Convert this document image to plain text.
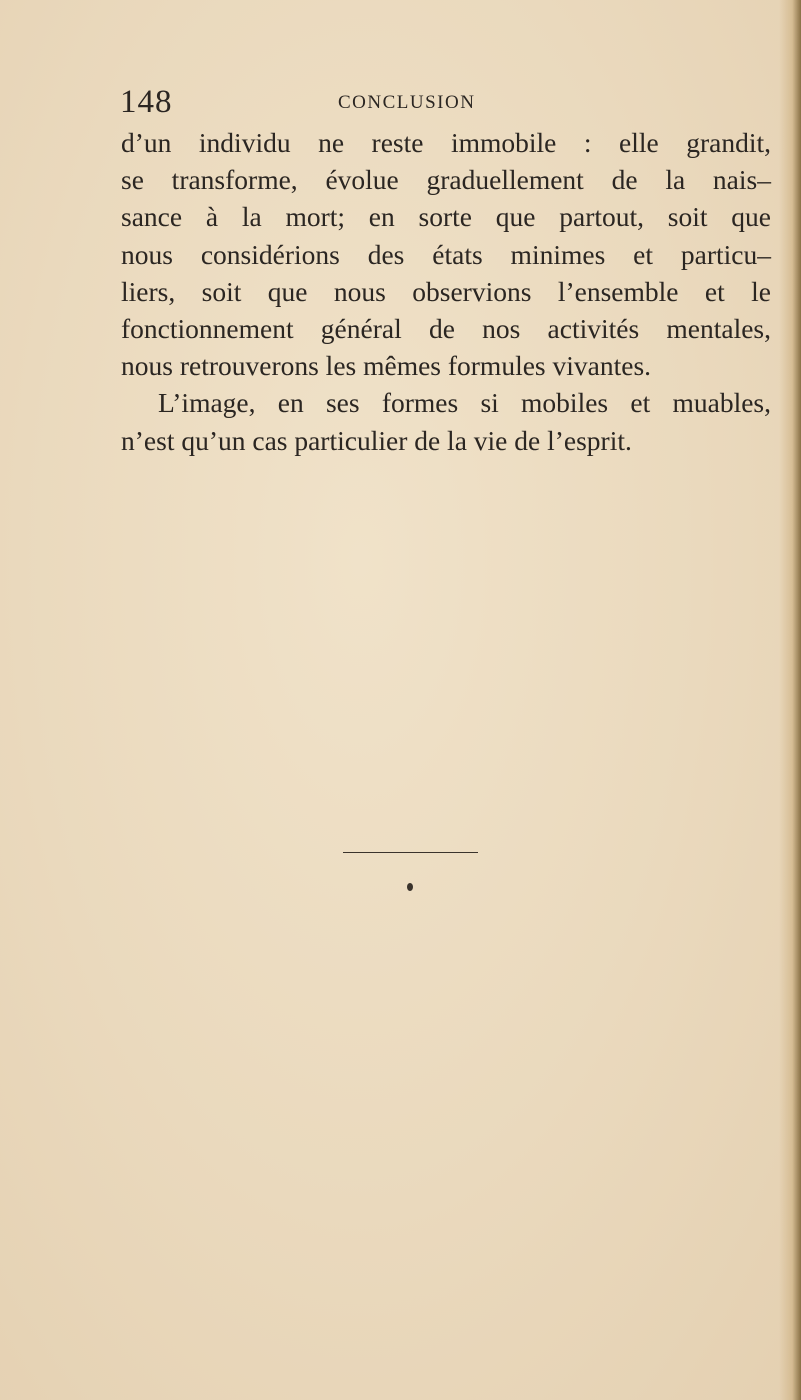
148	CONCLUSION
d’un individu ne reste immobile : elle grandit,
se transforme, évolue graduellement de la nais–
sance à la mort; en sorte que partout, soit que
nous considérions des états minimes et particu–
liers, soit que nous observions l’ensemble et le
fonctionnement général de nos activités mentales,
nous retrouverons les mêmes formules vivantes.
L’image, en ses formes si mobiles et muables,
n’est qu’un cas particulier de la vie de l’esprit.
